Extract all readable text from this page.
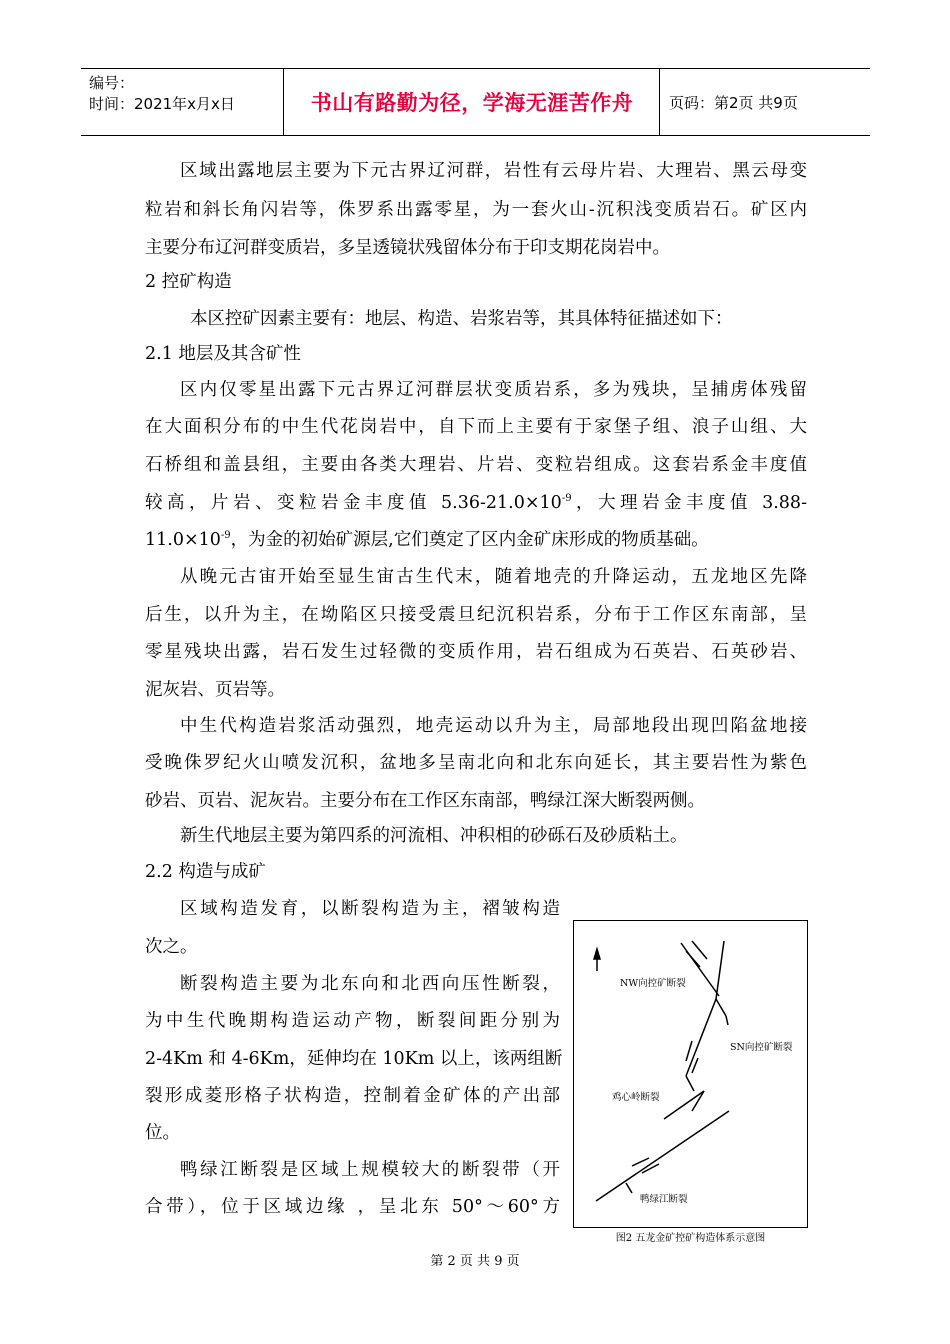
编号：
时间：2021年x月x日	书山有路勤为径，学海无涯苦作舟	页码：第2页 共9页
区域出露地层主要为下元古界辽河群，岩性有云母片岩、大理岩、黑云母变
粒岩和斜长角闪岩等，侏罗系出露零星，为一套火山-沉积浅变质岩石。矿区内
主要分布辽河群变质岩，多呈透镜状残留体分布于印支期花岗岩中。
2 控矿构造
本区控矿因素主要有：地层、构造、岩浆岩等，其具体特征描述如下：
2.1 地层及其含矿性
区内仅零星出露下元古界辽河群层状变质岩系，多为残块，呈捕虏体残留
在大面积分布的中生代花岗岩中，自下而上主要有于家堡子组、浪子山组、大
石桥组和盖县组，主要由各类大理岩、片岩、变粒岩组成。这套岩系金丰度值
较高，片岩、变粒岩金丰度值 $5.36-21.0\times 10^{-9}$，大理岩金丰度值 3.88-
$11.0\times 10^{-9}$，为金的初始矿源层,它们奠定了区内金矿床形成的物质基础。
从晚元古宙开始至显生宙古生代末，随着地壳的升降运动，五龙地区先降
后生，以升为主，在坳陷区只接受震旦纪沉积岩系，分布于工作区东南部，呈
零星残块出露，岩石发生过轻微的变质作用，岩石组成为石英岩、石英砂岩、
泥灰岩、页岩等。
中生代构造岩浆活动强烈，地壳运动以升为主，局部地段出现凹陷盆地接
受晚侏罗纪火山喷发沉积，盆地多呈南北向和北东向延长，其主要岩性为紫色
砂岩、页岩、泥灰岩。主要分布在工作区东南部，鸭绿江深大断裂两侧。
新生代地层主要为第四系的河流相、冲积相的砂砾石及砂质粘土。
2.2 构造与成矿
区域构造发育，以断裂构造为主，褶皱构造
次之。
断裂构造主要为北东向和北西向压性断裂，
为中生代晚期构造运动产物，断裂间距分别为
2-4Km 和 4-6Km，延伸均在 10Km 以上，该两组断
裂形成菱形格子状构造，控制着金矿体的产出部
位。
鸭绿江断裂是区域上规模较大的断裂带（开
合带），位于区域边缘 ，呈北东 50°～60°方
NW向控矿断裂
SN向控矿断裂
鸡心岭断裂
鸭绿江断裂
图2 五龙金矿控矿构造体系示意图
第 2 页 共 9 页
